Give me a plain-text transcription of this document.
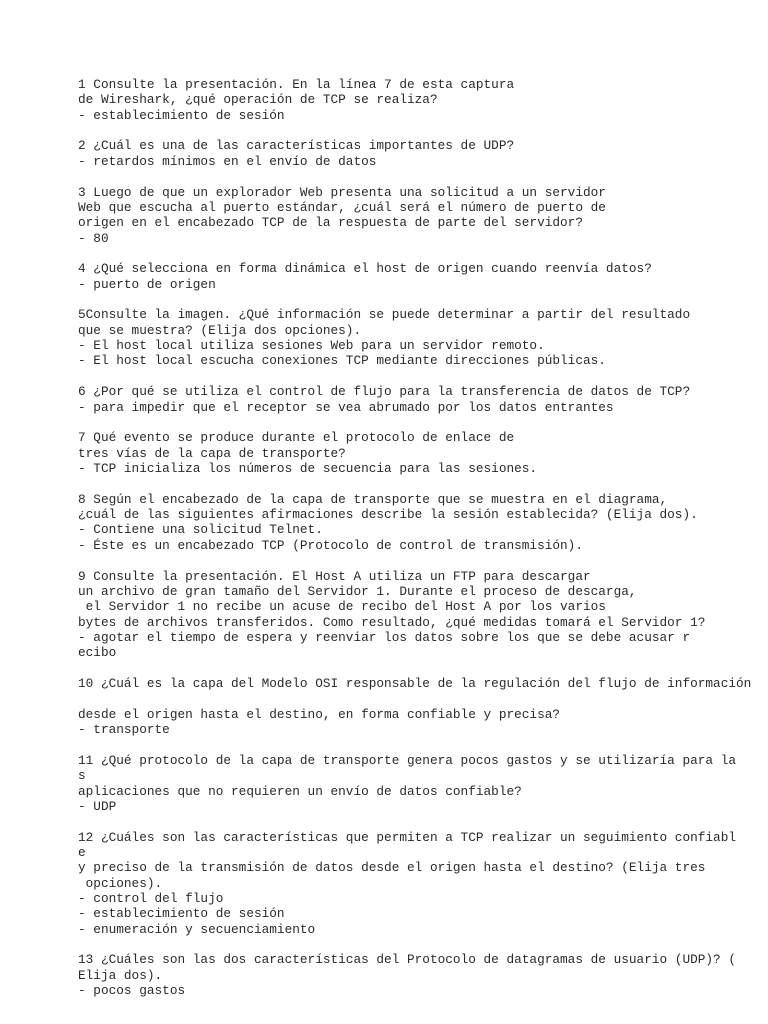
1 Consulte la presentación. En la línea 7 de esta captura
de Wireshark, ¿qué operación de TCP se realiza?
- establecimiento de sesión
2 ¿Cuál es una de las características importantes de UDP?
- retardos mínimos en el envío de datos
3 Luego de que un explorador Web presenta una solicitud a un servidor
Web que escucha al puerto estándar, ¿cuál será el número de puerto de
origen en el encabezado TCP de la respuesta de parte del servidor?
- 80
4 ¿Qué selecciona en forma dinámica el host de origen cuando reenvía datos?
- puerto de origen
5Consulte la imagen. ¿Qué información se puede determinar a partir del resultado
que se muestra? (Elija dos opciones).
- El host local utiliza sesiones Web para un servidor remoto.
- El host local escucha conexiones TCP mediante direcciones públicas.
6 ¿Por qué se utiliza el control de flujo para la transferencia de datos de TCP?
- para impedir que el receptor se vea abrumado por los datos entrantes
7 Qué evento se produce durante el protocolo de enlace de
tres vías de la capa de transporte?
- TCP inicializa los números de secuencia para las sesiones.
8 Según el encabezado de la capa de transporte que se muestra en el diagrama,
¿cuál de las siguientes afirmaciones describe la sesión establecida? (Elija dos).
- Contiene una solicitud Telnet.
- Éste es un encabezado TCP (Protocolo de control de transmisión).
9 Consulte la presentación. El Host A utiliza un FTP para descargar
un archivo de gran tamaño del Servidor 1. Durante el proceso de descarga,
el Servidor 1 no recibe un acuse de recibo del Host A por los varios
bytes de archivos transferidos. Como resultado, ¿qué medidas tomará el Servidor 1?
- agotar el tiempo de espera y reenviar los datos sobre los que se debe acusar r
ecibo
10 ¿Cuál es la capa del Modelo OSI responsable de la regulación del flujo de información
desde el origen hasta el destino, en forma confiable y precisa?
- transporte
11 ¿Qué protocolo de la capa de transporte genera pocos gastos y se utilizaría para la
s
aplicaciones que no requieren un envío de datos confiable?
- UDP
12 ¿Cuáles son las características que permiten a TCP realizar un seguimiento confiabl
e
y preciso de la transmisión de datos desde el origen hasta el destino? (Elija tres
opciones).
- control del flujo
- establecimiento de sesión
- enumeración y secuenciamiento
13 ¿Cuáles son las dos características del Protocolo de datagramas de usuario (UDP)? (
Elija dos).
- pocos gastos
